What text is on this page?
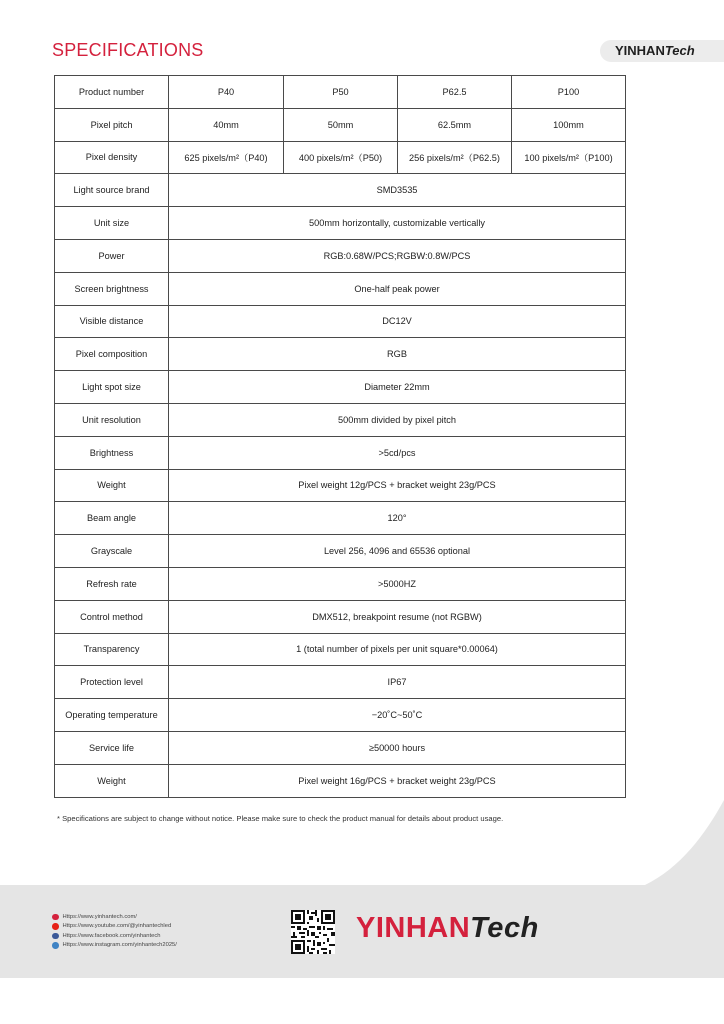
SPECIFICATIONS	YINHANTech
Product number	P40	P50	P62.5	P100
Pixel pitch	40mm	50mm	62.5mm	100mm
Pixel density	625 pixels/m²（P40)	400 pixels/m²（P50)	256 pixels/m²（P62.5)	100 pixels/m²（P100)
Light source brand	SMD3535			
Unit size	500mm horizontally, customizable vertically			
Power	RGB:0.68W/PCS;RGBW:0.8W/PCS			
Screen brightness	One-half peak power			
Visible distance	DC12V			
Pixel composition	RGB			
Light spot size	Diameter 22mm			
Unit resolution	500mm divided by pixel pitch			
Brightness	>5cd/pcs			
Weight	Pixel weight 12g/PCS + bracket weight 23g/PCS			
Beam angle	120°			
Grayscale	Level 256, 4096 and 65536 optional			
Refresh rate	>5000HZ			
Control method	DMX512, breakpoint resume (not RGBW)			
Transparency	1 (total number of pixels per unit square*0.00064)			
Protection level	IP67			
Operating temperature	−20˚C~50˚C			
Service life	≥50000 hours			
Weight	Pixel weight 16g/PCS + bracket weight 23g/PCS			
* Specifications are subject to change without notice. Please make sure to check the product manual for details about product usage.
Https://www.yinhantech.com/
Https://www.youtube.com/@yinhantechled
Https://www.facebook.com/yinhantech
Https://www.instagram.com/yinhantech2025/
YINHANTech
